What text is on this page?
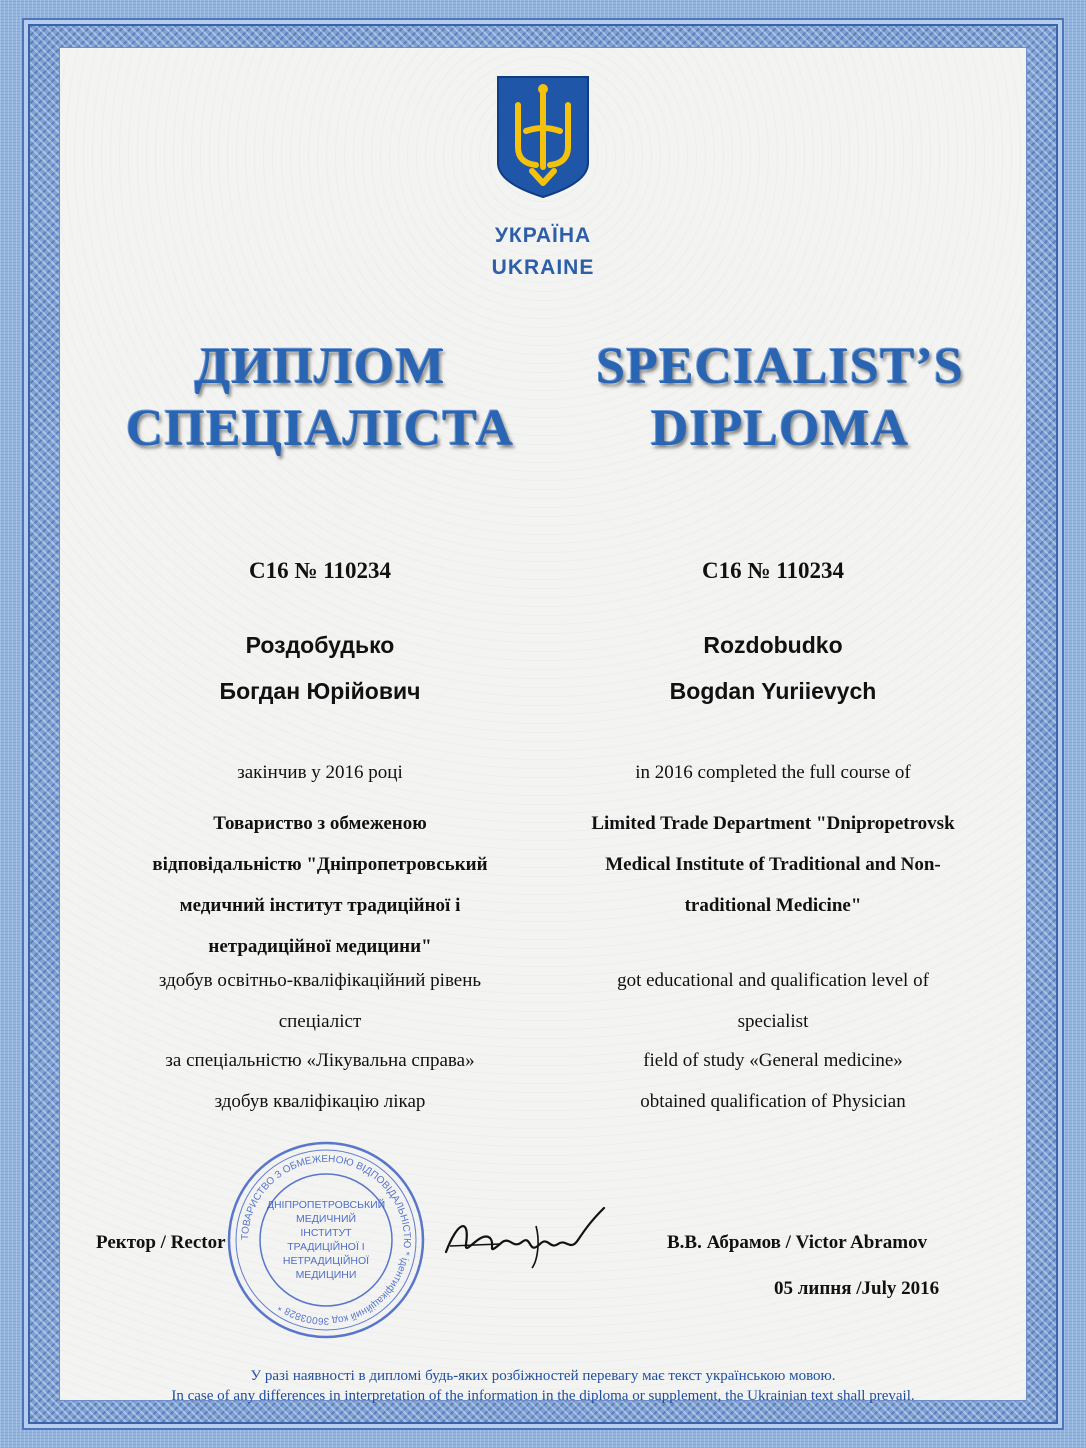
УКРАЇНА
UKRAINE
ДИПЛОМ
СПЕЦІАЛІСТА
SPECIALIST’S
DIPLOMA
C16 № 110234	C16 № 110234
Роздобудько
Богдан Юрійович
Rozdobudko
Bogdan Yuriievych
закінчив у 2016 році
Товариство з обмеженою
відповідальністю "Дніпропетровський
медичний інститут традиційної і
нетрадиційної медицини"
здобув освітньо-кваліфікаційний рівень
спеціаліст
за спеціальністю «Лікувальна справа»
здобув кваліфікацію лікар
in 2016 completed the full course of
Limited Trade Department "Dnipropetrovsk
Medical Institute of Traditional and Non-
traditional Medicine"
got educational and qualification level of
specialist
field of study «General medicine»
obtained qualification of Physician
ТОВАРИСТВО З ОБМЕЖЕНОЮ ВІДПОВІДАЛЬНІСТЮ * ідентифікаційний код 36003828 *
ДНІПРОПЕТРОВСЬКИЙ
МЕДИЧНИЙ
ІНСТИТУТ
ТРАДИЦІЙНОЇ І
НЕТРАДИЦІЙНОЇ
МЕДИЦИНИ
Ректор / Rector	В.В. Абрамов / Victor Abramov
05 липня /July 2016
У разі наявності в дипломі будь-яких розбіжностей перевагу має текст українською мовою.
In case of any differences in interpretation of the information in the diploma or supplement, the Ukrainian text shall prevail.
